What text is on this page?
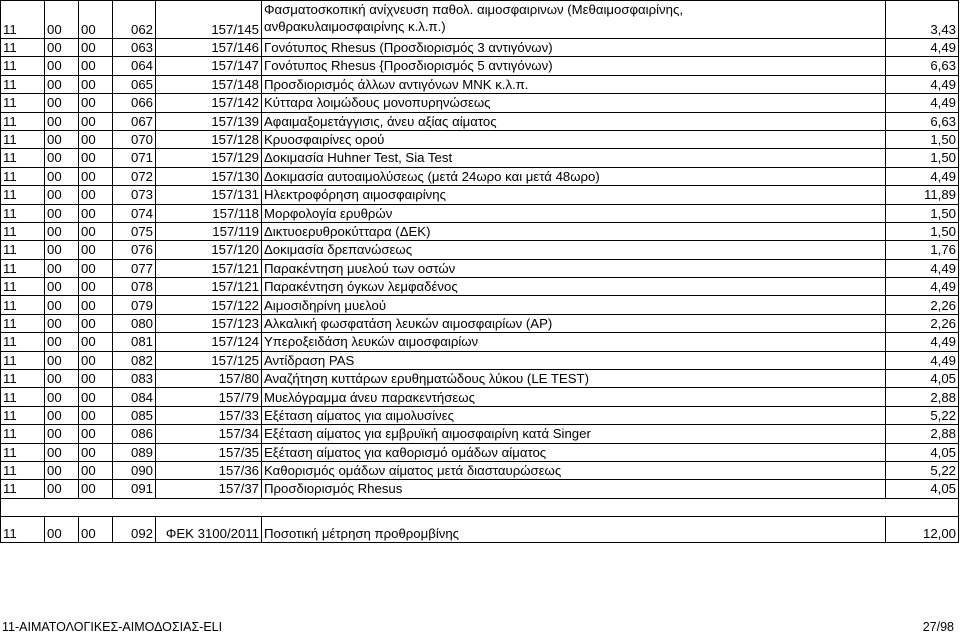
11	00	00	062	157/145	Φασματοσκοπική ανίχνευση παθολ. αιμοσφαιρινων (Μεθαιμοσφαιρίνης,
ανθρακυλαιμοσφαιρίνης κ.λ.π.)	3,43
11	00	00	063	157/146	Γονότυπος Rhesus (Προσδιορισμός 3 αντιγόνων)	4,49
11	00	00	064	157/147	Γονότυπος Rhesus {Προσδιορισμός 5 αντιγόνων)	6,63
11	00	00	065	157/148	Προσδιορισμός άλλων αντιγόνων MNK κ.λ.π.	4,49
11	00	00	066	157/142	Κύτταρα λοιμώδους μονοπυρηνώσεως	4,49
11	00	00	067	157/139	Αφαιμαξομετάγγισις, άνευ αξίας αίματος	6,63
11	00	00	070	157/128	Κρυοσφαιρίνες ορού	1,50
11	00	00	071	157/129	Δοκιμασία Huhner Test, Sia Test	1,50
11	00	00	072	157/130	Δοκιμασία αυτοαιμολύσεως (μετά 24ωρο και μετά 48ωρο)	4,49
11	00	00	073	157/131	Ηλεκτροφόρηση αιμοσφαιρίνης	11,89
11	00	00	074	157/118	Μορφολογία ερυθρών	1,50
11	00	00	075	157/119	Δικτυοερυθροκύτταρα (ΔΕΚ)	1,50
11	00	00	076	157/120	Δοκιμασία δρεπανώσεως	1,76
11	00	00	077	157/121	Παρακέντηση μυελού των οστών	4,49
11	00	00	078	157/121	Παρακέντηση όγκων λεμφαδένος	4,49
11	00	00	079	157/122	Αιμοσιδηρίνη μυελού	2,26
11	00	00	080	157/123	Αλκαλική φωσφατάση λευκών αιμοσφαιρίων (AP)	2,26
11	00	00	081	157/124	Υπεροξειδάση λευκών αιμοσφαιρίων	4,49
11	00	00	082	157/125	Αντίδραση PAS	4,49
11	00	00	083	157/80	Αναζήτηση κυττάρων ερυθηματώδους λύκου (LE TEST)	4,05
11	00	00	084	157/79	Μυελόγραμμα άνευ παρακεντήσεως	2,88
11	00	00	085	157/33	Εξέταση αίματος για αιμολυσίνες	5,22
11	00	00	086	157/34	Εξέταση αίματος για εμβρυϊκή αιμοσφαιρίνη κατά Singer	2,88
11	00	00	089	157/35	Εξέταση αίματος για καθορισμό ομάδων αίματος	4,05
11	00	00	090	157/36	Καθορισμός ομάδων αίματος μετά διασταυρώσεως	5,22
11	00	00	091	157/37	Προσδιορισμός Rhesus	4,05

11	00	00	092	ΦΕΚ 3100/2011	Ποσοτική μέτρηση προθρομβίνης	12,00
11-ΑΙΜΑΤΟΛΟΓΙΚΕΣ-ΑΙΜΟΔΟΣΙΑΣ-ELI	27/98
